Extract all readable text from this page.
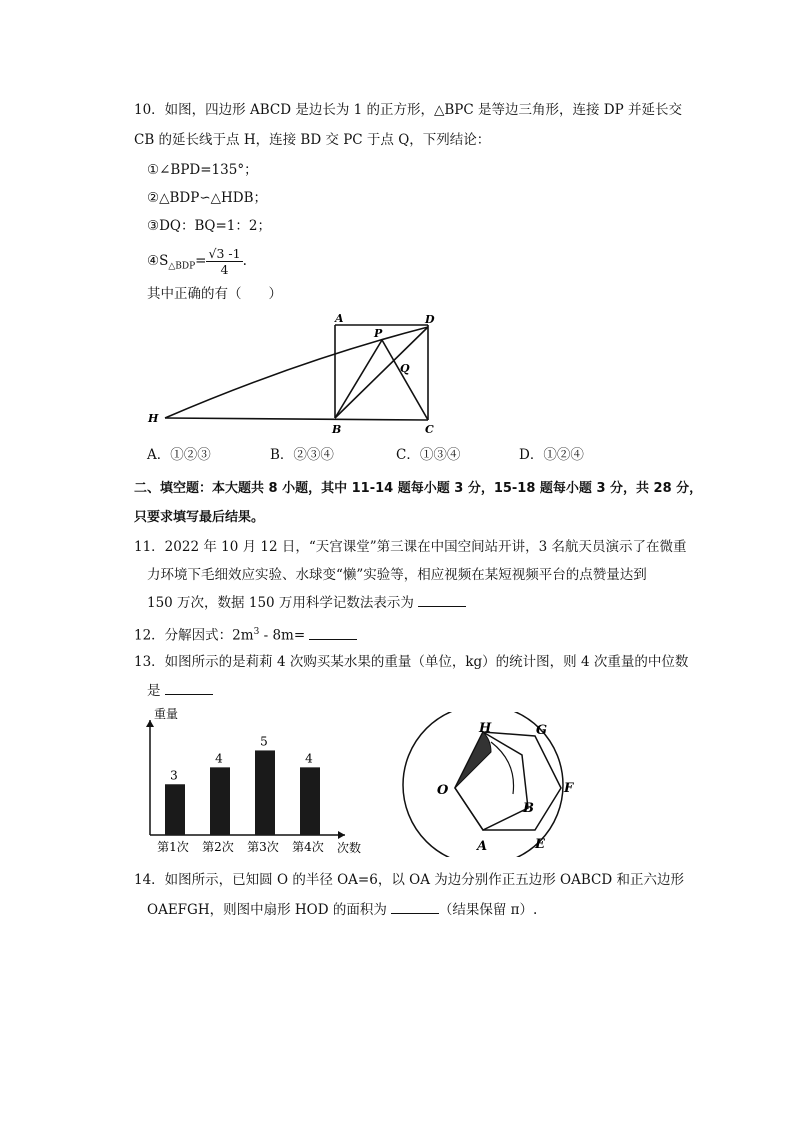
10．如图，四边形 ABCD 是边长为 1 的正方形，△BPC 是等边三角形，连接 DP 并延长交
CB 的延长线于点 H，连接 BD 交 PC 于点 Q，下列结论：
①∠BPD=135°；
②△BDP∽△HDB；
③DQ：BQ=1：2；
$④S_{\triangle BDP}= \frac{√3 -1}{4}$ .
其中正确的有（　　）
A	D
P
Q
H
B	C
A．①②③	B．②③④	C．①③④	D．①②④
二、填空题：本大题共 8 小题，其中 11-14 题每小题 3 分，15-18 题每小题 3 分，共 28 分，
只要求填写最后结果。
11．2022 年 10 月 12 日，“天宫课堂”第三课在中国空间站开讲，3 名航天员演示了在微重
力环境下毛细效应实验、水球变“懒”实验等，相应视频在某短视频平台的点赞量达到
150 万次，数据 150 万用科学记数法表示为
12．分解因式：$2m^3 - 8m=$
13．如图所示的是莉莉 4 次购买某水果的重量（单位，kg）的统计图，则 4 次重量的中位数
是
重量
次数
3
第1次
4
第2次
5
第3次
4
第4次
H	G
O	F
B
A	E
14．如图所示，已知圆 O 的半径 OA=6，以 OA 为边分别作正五边形 OABCD 和正六边形
OAEFGH，则图中扇形 HOD 的面积为	（结果保留 π）.
